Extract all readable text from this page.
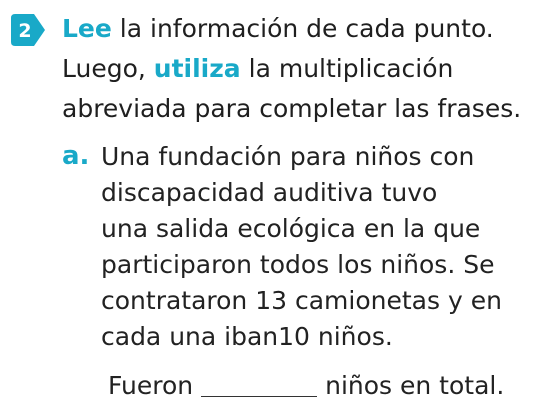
2 Lee la información de cada punto.
Luego, utiliza la multiplicación
abreviada para completar las frases.
a. Una fundación para niños con
discapacidad auditiva tuvo
una salida ecológica en la que
participaron todos los niños. Se
contrataron 13 camionetas y en
cada una iban10 niños.
Fueron	niños en total.
